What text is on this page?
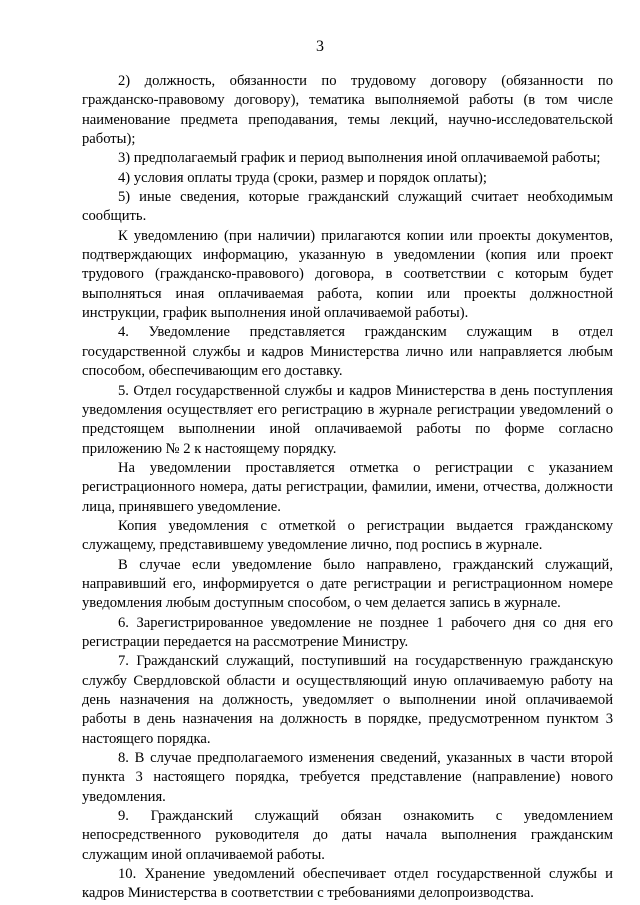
3

2) должность, обязанности по трудовому договору (обязанности по гражданско-правовому договору), тематика выполняемой работы (в том числе наименование предмета преподавания, темы лекций, научно-исследовательской работы);

3) предполагаемый график и период выполнения иной оплачиваемой работы;

4) условия оплаты труда (сроки, размер и порядок оплаты);

5) иные сведения, которые гражданский служащий считает необходимым сообщить.

К уведомлению (при наличии) прилагаются копии или проекты документов, подтверждающих информацию, указанную в уведомлении (копия или проект трудового (гражданско-правового) договора, в соответствии с которым будет выполняться иная оплачиваемая работа, копии или проекты должностной инструкции, график выполнения иной оплачиваемой работы).

4. Уведомление представляется гражданским служащим в отдел государственной службы и кадров Министерства лично или направляется любым способом, обеспечивающим его доставку.

5. Отдел государственной службы и кадров Министерства в день поступления уведомления осуществляет его регистрацию в журнале регистрации уведомлений о предстоящем выполнении иной оплачиваемой работы по форме согласно приложению № 2 к настоящему порядку.

На уведомлении проставляется отметка о регистрации с указанием регистрационного номера, даты регистрации, фамилии, имени, отчества, должности лица, принявшего уведомление.

Копия уведомления с отметкой о регистрации выдается гражданскому служащему, представившему уведомление лично, под роспись в журнале.

В случае если уведомление было направлено, гражданский служащий, направивший его, информируется о дате регистрации и регистрационном номере уведомления любым доступным способом, о чем делается запись в журнале.

6. Зарегистрированное уведомление не позднее 1 рабочего дня со дня его регистрации передается на рассмотрение Министру.

7. Гражданский служащий, поступивший на государственную гражданскую службу Свердловской области и осуществляющий иную оплачиваемую работу на день назначения на должность, уведомляет о выполнении иной оплачиваемой работы в день назначения на должность в порядке, предусмотренном пунктом 3 настоящего порядка.

8. В случае предполагаемого изменения сведений, указанных в части второй пункта 3 настоящего порядка, требуется представление (направление) нового уведомления.

9. Гражданский служащий обязан ознакомить с уведомлением непосредственного руководителя до даты начала выполнения гражданским служащим иной оплачиваемой работы.

10. Хранение уведомлений обеспечивает отдел государственной службы и кадров Министерства в соответствии с требованиями делопроизводства.
